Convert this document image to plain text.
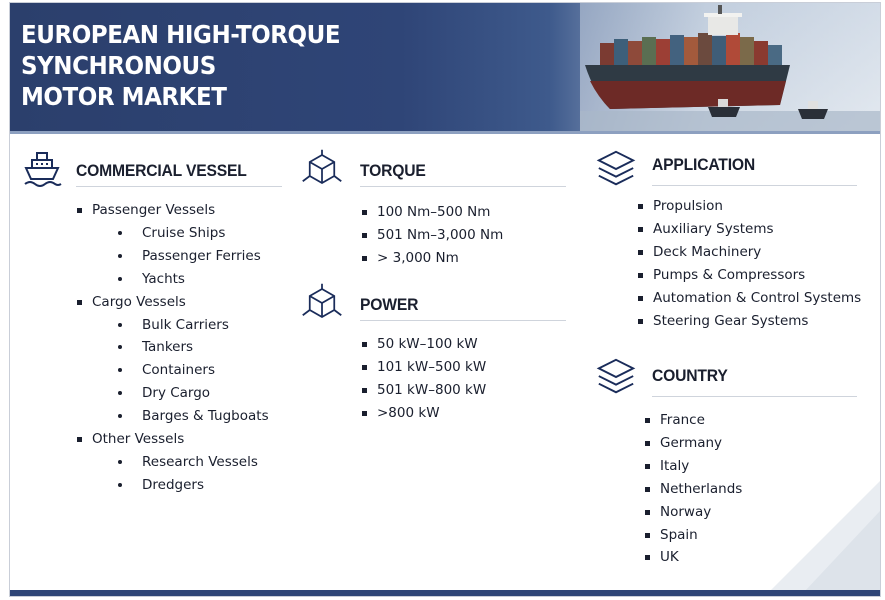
EUROPEAN HIGH-TORQUE SYNCHRONOUS
MOTOR MARKET
COMMERCIAL VESSEL
Passenger Vessels
Cruise Ships
Passenger Ferries
Yachts
Cargo Vessels
Bulk Carriers
Tankers
Containers
Dry Cargo
Barges & Tugboats
Other Vessels
Research Vessels
Dredgers
TORQUE
100 Nm–500 Nm
501 Nm–3,000 Nm
> 3,000 Nm
POWER
50 kW–100 kW
101 kW–500 kW
501 kW–800 kW
>800 kW
APPLICATION
Propulsion
Auxiliary Systems
Deck Machinery
Pumps & Compressors
Automation & Control Systems
Steering Gear Systems
COUNTRY
France
Germany
Italy
Netherlands
Norway
Spain
UK
